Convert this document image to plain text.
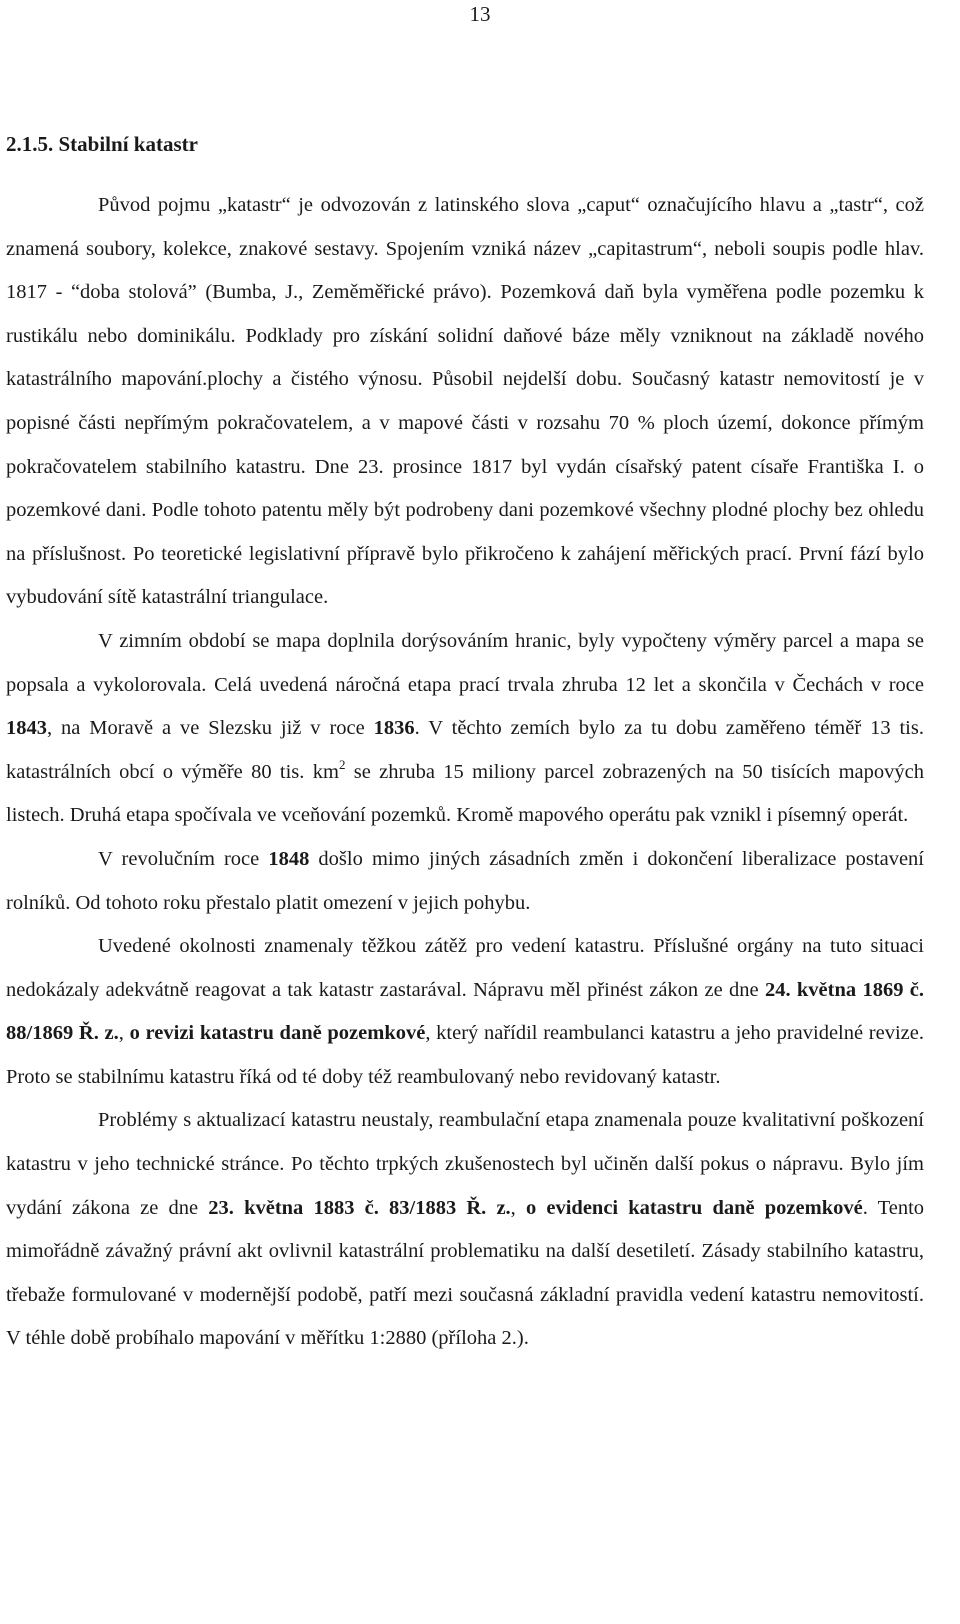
13
2.1.5. Stabilní katastr

Původ pojmu „katastr“ je odvozován z latinského slova „caput“ označujícího hlavu a „tastr“, což znamená soubory, kolekce, znakové sestavy. Spojením vzniká název „capitastrum“, neboli soupis podle hlav. 1817 - “doba stolová” (Bumba, J., Zeměměřické právo). Pozemková daň byla vyměřena podle pozemku k rustikálu nebo dominikálu. Podklady pro získání solidní daňové báze měly vzniknout na základě nového katastrálního mapování.plochy a čistého výnosu. Působil nejdelší dobu. Současný katastr nemovitostí je v popisné části nepřímým pokračovatelem, a v mapové části v rozsahu 70 % ploch území, dokonce přímým pokračovatelem stabilního katastru. Dne 23. prosince 1817 byl vydán císařský patent císaře Františka I. o pozemkové dani. Podle tohoto patentu měly být podrobeny dani pozemkové všechny plodné plochy bez ohledu na příslušnost. Po teoretické legislativní přípravě bylo přikročeno k zahájení měřických prací. První fází bylo vybudování sítě katastrální triangulace.

V zimním období se mapa doplnila dorýsováním hranic, byly vypočteny výměry parcel a mapa se popsala a vykolorovala. Celá uvedená náročná etapa prací trvala zhruba 12 let a skončila v Čechách v roce 1843, na Moravě a ve Slezsku již v roce 1836. V těchto zemích bylo za tu dobu zaměřeno téměř 13 tis. katastrálních obcí o výměře 80 tis. $km^2$ se zhruba 15 miliony parcel zobrazených na 50 tisících mapových listech. Druhá etapa spočívala ve vceňování pozemků. Kromě mapového operátu pak vznikl i písemný operát.

V revolučním roce 1848 došlo mimo jiných zásadních změn i dokončení liberalizace postavení rolníků. Od tohoto roku přestalo platit omezení v jejich pohybu.

Uvedené okolnosti znamenaly těžkou zátěž pro vedení katastru. Příslušné orgány na tuto situaci nedokázaly adekvátně reagovat a tak katastr zastarával. Nápravu měl přinést zákon ze dne 24. května 1869 č. 88/1869 Ř. z., o revizi katastru daně pozemkové, který nařídil reambulanci katastru a jeho pravidelné revize. Proto se stabilnímu katastru říká od té doby též reambulovaný nebo revidovaný katastr.

Problémy s aktualizací katastru neustaly, reambulační etapa znamenala pouze kvalitativní poškození katastru v jeho technické stránce. Po těchto trpkých zkušenostech byl učiněn další pokus o nápravu. Bylo jím vydání zákona ze dne 23. května 1883 č. 83/1883 Ř. z., o evidenci katastru daně pozemkové. Tento mimořádně závažný právní akt ovlivnil katastrální problematiku na další desetiletí. Zásady stabilního katastru, třebaže formulované v modernější podobě, patří mezi současná základní pravidla vedení katastru nemovitostí. V téhle době probíhalo mapování v měřítku 1:2880 (příloha 2.).
